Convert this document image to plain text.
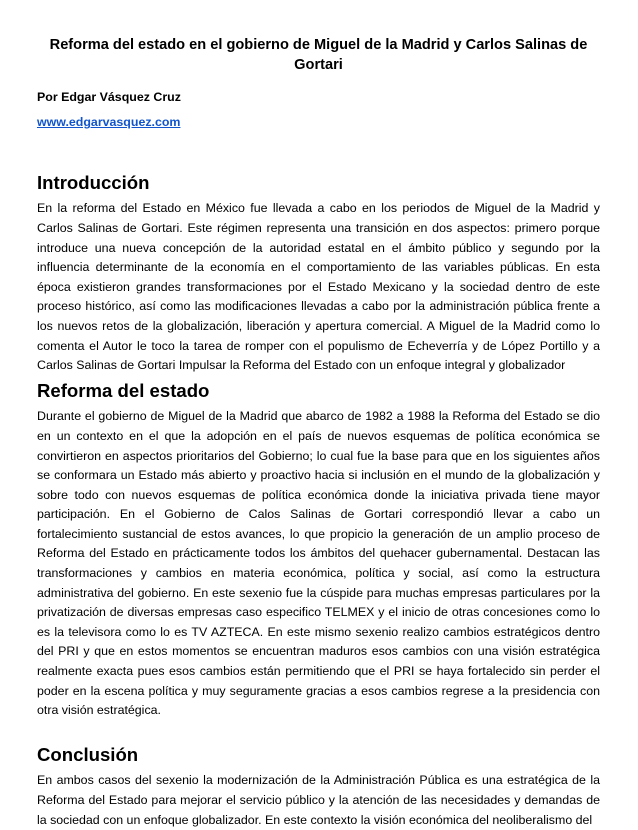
Reforma del estado en el gobierno de Miguel de la Madrid y Carlos Salinas de Gortari

Por Edgar Vásquez Cruz

www.edgarvasquez.com
Introducción

En la reforma del Estado en México fue llevada a cabo en los periodos de Miguel de la Madrid y Carlos Salinas de Gortari. Este régimen representa una transición en dos aspectos: primero porque introduce una nueva concepción de la autoridad estatal en el ámbito público y segundo por la influencia determinante de la economía en el comportamiento de las variables públicas. En esta época existieron grandes transformaciones por el Estado Mexicano y la sociedad dentro de este proceso histórico, así como las modificaciones llevadas a cabo por la administración pública frente a los nuevos retos de la globalización, liberación y apertura comercial. A Miguel de la Madrid como lo comenta el Autor le toco la tarea de romper con el populismo de Echeverría y de López Portillo y a Carlos Salinas de Gortari Impulsar la Reforma del Estado con un enfoque integral y globalizador

Reforma del estado

Durante el gobierno de Miguel de la Madrid que abarco de 1982 a 1988 la Reforma del Estado se dio en un contexto en el que la adopción en el país de nuevos esquemas de política económica se convirtieron en aspectos prioritarios del Gobierno; lo cual fue la base para que en los siguientes años se conformara un Estado más abierto y proactivo hacia si inclusión en el mundo de la globalización y sobre todo con nuevos esquemas de política económica donde la iniciativa privada tiene mayor participación. En el Gobierno de Calos Salinas de Gortari correspondió llevar a cabo un fortalecimiento sustancial de estos avances, lo que propicio la generación de un amplio proceso de Reforma del Estado en prácticamente todos los ámbitos del quehacer gubernamental. Destacan las transformaciones y cambios en materia económica, política y social, así como la estructura administrativa del gobierno. En este sexenio fue la cúspide para muchas empresas particulares por la privatización de diversas empresas caso especifico TELMEX y el inicio de otras concesiones como lo es la televisora como lo es TV AZTECA. En este mismo sexenio realizo cambios estratégicos dentro del PRI y que en estos momentos se encuentran maduros esos cambios con una visión estratégica realmente exacta pues esos cambios están permitiendo que el PRI se haya fortalecido sin perder el poder en la escena política y muy seguramente gracias a esos cambios regrese a la presidencia con otra visión estratégica.

Conclusión

En ambos casos del sexenio la modernización de la Administración Pública es una estratégica de la Reforma del Estado para mejorar el servicio público y la atención de las necesidades y demandas de la sociedad con un enfoque globalizador. En este contexto la visión económica del neoliberalismo del
